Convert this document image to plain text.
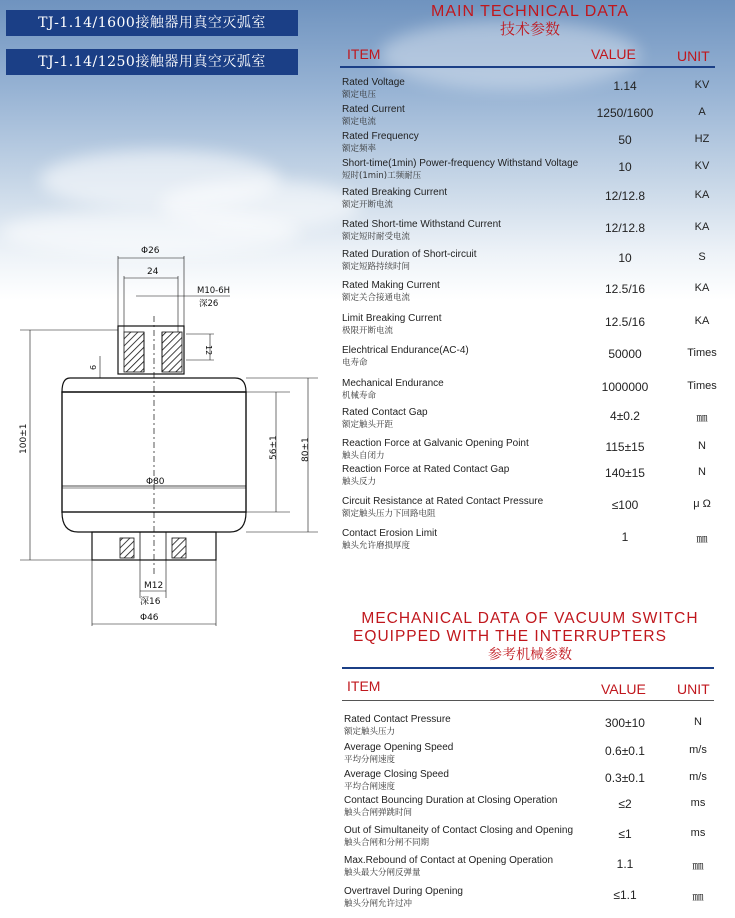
TJ-1.14/1600接触器用真空灭弧室
TJ-1.14/1250接触器用真空灭弧室
MAIN TECHNICAL DATA
技术参数
ITEM	VALUE	UNIT
Rated Voltage
额定电压
1.14	KV
Rated Current
额定电流
1250/1600	A
Rated Frequency
额定频率
50	HZ
Short-time(1min) Power-frequency Withstand Voltage
短时(1min)工频耐压
10	KV
Rated Breaking Current
额定开断电流
12/12.8	KA
Rated Short-time Withstand Current
额定短时耐受电流
12/12.8	KA
Rated Duration of Short-circuit
额定短路持续时间
10	S
Rated Making Current
额定关合接通电流
12.5/16	KA
Limit Breaking Current
极限开断电流
12.5/16	KA
Elechtrical Endurance(AC-4)
电寿命
50000	Times
Mechanical Endurance
机械寿命
1000000	Times
Rated Contact Gap
额定触头开距
4±0.2	㎜
Reaction Force at Galvanic Opening Point
触头自闭力
115±15	N
Reaction Force at Rated Contact Gap
触头反力
140±15	N
Circuit Resistance at Rated Contact Pressure
额定触头压力下回路电阻
≤100	μ Ω
Contact Erosion Limit
触头允许磨损厚度
1	㎜
MECHANICAL DATA OF VACUUM SWITCH
EQUIPPED WITH THE INTERRUPTERS
参考机械参数
ITEM	VALUE UNIT
Rated Contact Pressure
额定触头压力
300±10	N
Average Opening Speed
平均分闸速度
0.6±0.1	m/s
Average Closing Speed
平均合闸速度
0.3±0.1	m/s
Contact Bouncing Duration at Closing Operation
触头合闸弹跳时间
≤2	ms
Out of Simultaneity of Contact Closing and Opening
触头合闸和分闸不同期
≤1	ms
Max.Rebound of Contact at Opening Operation
触头最大分闸反弹量
1.1	㎜
Overtravel During Opening
触头分闸允许过冲
≤1.1	㎜
Φ26
24
M10-6H
深26
12
6
Φ80
56±1 80±1
100±1
M12
深16
Φ46
